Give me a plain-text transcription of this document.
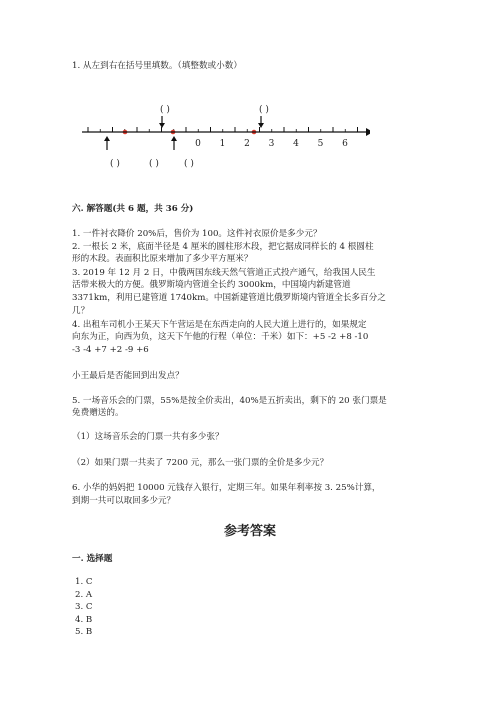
1. 从左到右在括号里填数。（填整数或小数）
0 1 2 3 4 5 6
( )	( )
( )	( )	( )
六. 解答题(共 6 题，共 36 分)
1. 一件衬衣降价 20%后，售价为 100。这件衬衣原价是多少元？
2. 一根长 2 米，底面半径是 4 厘米的圆柱形木段，把它据成同样长的 4 根圆柱
形的木段。表面积比原来增加了多少平方厘米？
3. 2019 年 12 月 2 日，中俄两国东线天然气管道正式投产通气，给我国人民生
活带来极大的方便。俄罗斯境内管道全长约 3000km，中国境内新建管道
3371km，利用已建管道 1740km。中国新建管道比俄罗斯境内管道全长多百分之
几？
4. 出租车司机小王某天下午营运是在东西走向的人民大道上进行的，如果规定
向东为正，向西为负，这天下午他的行程（单位：千米）如下：+5 -2 +8 -10
-3 -4 +7 +2 -9 +6
小王最后是否能回到出发点？
5. 一场音乐会的门票，55%是按全价卖出，40%是五折卖出，剩下的 20 张门票是
免费赠送的。
（1）这场音乐会的门票一共有多少张？
（2）如果门票一共卖了 7200 元，那么一张门票的全价是多少元？
6. 小华的妈妈把 10000 元钱存入银行，定期三年。如果年利率按 3. 25%计算，
到期一共可以取回多少元？
参考答案
一. 选择题
1. C
2. A
3. C
4. B
5. B
